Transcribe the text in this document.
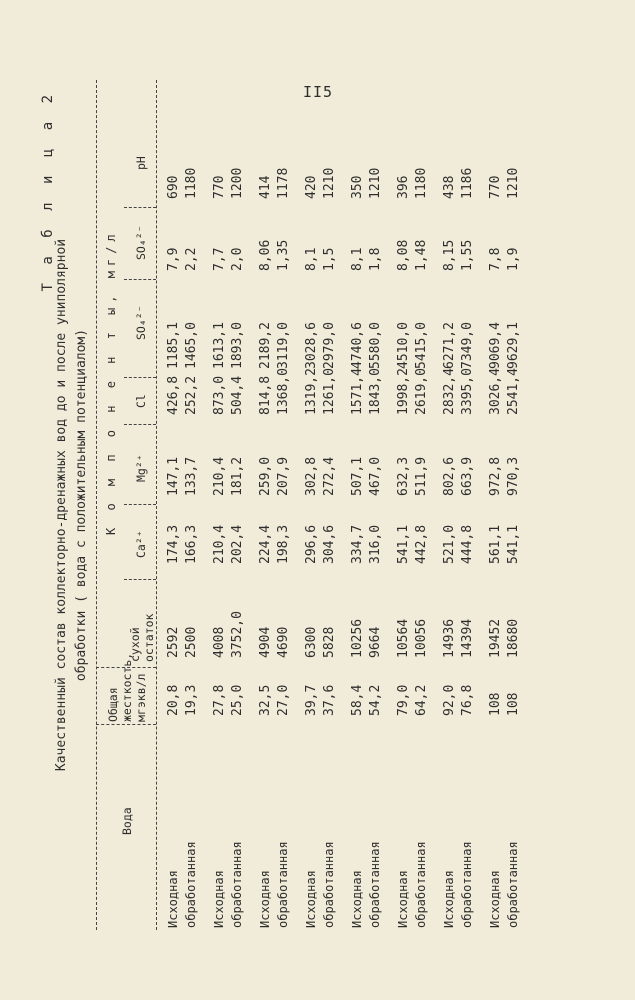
II5
Т а б л и ц а 2
Качественный состав коллекторно-дренажных вод до и после униполярной обработки ( вода с положительным потенциалом)
Вода
Общая жесткость, мгэкв/л
сухой остаток
К о м п о н е н т ы, мг/л
Ca²⁺
Mg²⁺
Cl
SO₄²⁻
SO₄²⁻
pH
Исходная
20,8
2592
174,3
147,1
426,8
1185,1
7,9
690
обработанная
19,3
2500
166,3
133,7
252,2
1465,0
2,2
1180
Исходная
27,8
4008
210,4
210,4
873,0
1613,1
7,7
770
обработанная
25,0
3752,0
202,4
181,2
504,4
1893,0
2,0
1200
Исходная
32,5
4904
224,4
259,0
814,8
2189,2
8,06
414
обработанная
27,0
4690
198,3
207,9
1368,0
3119,0
1,35
1178
Исходная
39,7
6300
296,6
302,8
1319,2
3028,6
8,1
420
обработанная
37,6
5828
304,6
272,4
1261,0
2979,0
1,5
1210
Исходная
58,4
10256
334,7
507,1
1571,4
4740,6
8,1
350
обработанная
54,2
9664
316,0
467,0
1843,0
5580,0
1,8
1210
Исходная
79,0
10564
541,1
632,3
1998,2
4510,0
8,08
396
обработанная
64,2
10056
442,8
511,9
2619,0
5415,0
1,48
1180
Исходная
92,0
14936
521,0
802,6
2832,4
6271,2
8,15
438
обработанная
76,8
14394
444,8
663,9
3395,0
7349,0
1,55
1186
Исходная
108
19452
561,1
972,8
3026,4
9069,4
7,8
770
обработанная
108
18680
541,1
970,3
2541,4
9629,1
1,9
1210
